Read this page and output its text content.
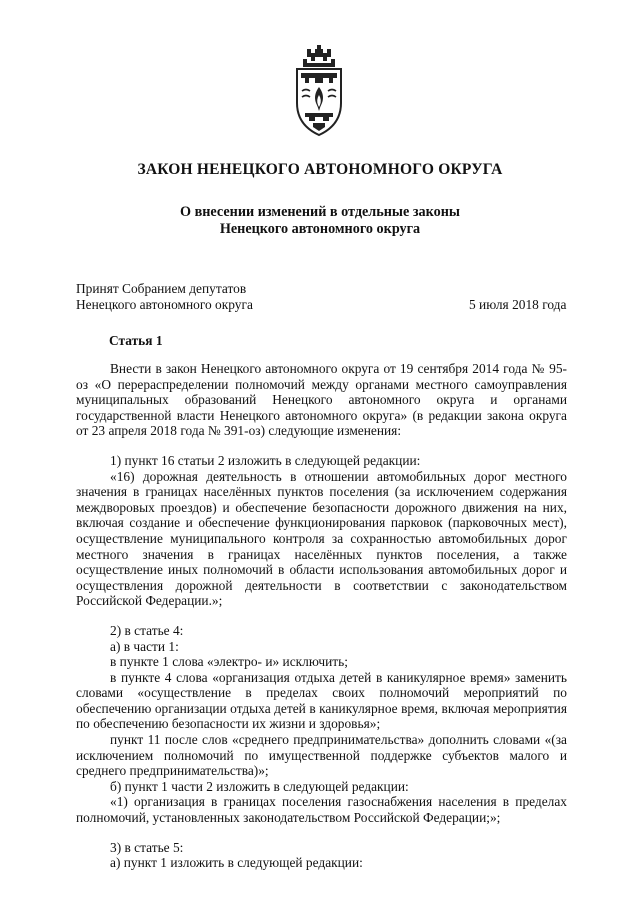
ЗАКОН НЕНЕЦКОГО АВТОНОМНОГО ОКРУГА
О внесении изменений в отдельные законы
Ненецкого автономного округа
Принят Собранием депутатов
Ненецкого автономного округа	5 июля 2018 года
Статья 1

Внести в закон Ненецкого автономного округа от 19 сентября 2014 года № 95-оз «О перераспределении полномочий между органами местного самоуправления муниципальных образований Ненецкого автономного округа и органами государственной власти Ненецкого автономного округа» (в редакции закона округа от 23 апреля 2018 года № 391-оз) следующие изменения:

1) пункт 16 статьи 2 изложить в следующей редакции:

«16) дорожная деятельность в отношении автомобильных дорог местного значения в границах населённых пунктов поселения (за исключением содержания междворовых проездов) и обеспечение безопасности дорожного движения на них, включая создание и обеспечение функционирования парковок (парковочных мест), осуществление муниципального контроля за сохранностью автомобильных дорог местного значения в границах населённых пунктов поселения, а также осуществление иных полномочий в области использования автомобильных дорог и осуществления дорожной деятельности в соответствии с законодательством Российской Федерации.»;

2) в статье 4:

а) в части 1:

в пункте 1 слова «электро- и» исключить;

в пункте 4 слова «организация отдыха детей в каникулярное время» заменить словами «осуществление в пределах своих полномочий мероприятий по обеспечению организации отдыха детей в каникулярное время, включая мероприятия по обеспечению безопасности их жизни и здоровья»;

пункт 11 после слов «среднего предпринимательства» дополнить словами «(за исключением полномочий по имущественной поддержке субъектов малого и среднего предпринимательства)»;

б) пункт 1 части 2 изложить в следующей редакции:

«1) организация в границах поселения газоснабжения населения в пределах полномочий, установленных законодательством Российской Федерации;»;

3) в статье 5:

а) пункт 1 изложить в следующей редакции:
